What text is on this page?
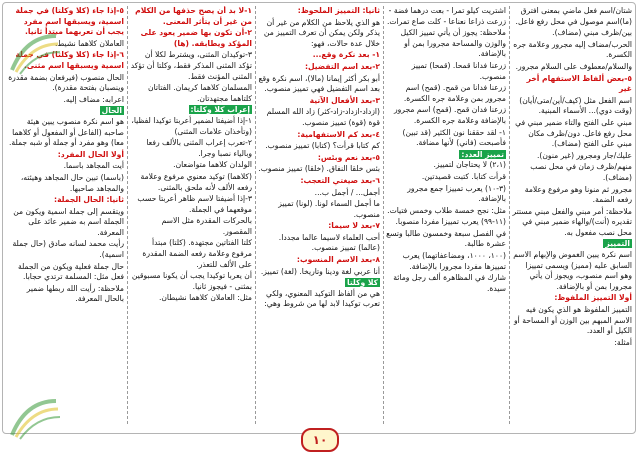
شتان/اسم فعل ماضي بمعنى افترق (ما)اسم موصول في محل رفع فاعل.

بين/ظرف مبني (مضاف).

الحرب/مضاف إليه مجرور وعلامة جره الكسرة.

والسلام/معطوف على السلام مجرور.

٥-بعض ألفاظ الاستفهام أخر غير

اسم الفعل مثل (كيف/أين/متى/أيان) (وقت دوي)... الأسماء المبنية.

مبني على الفتح والتاء ضمير مبني في محل رفع فاعل. دون/ظرف مكان مبني على الفتح (مضاف).

عليك/جار ومجرور (غير منون).

منهم/ظرف زمان في محل نصب (مضاف).

مجرور ثم منونا وهو مرفوع وعلامة رفعه الضمة.

ملاحظة: أمر مبني والفعل مبني مستتر تقديره (أنت)/والهاء ضمير مبني في محل نصب مفعول به.

التمييز

اسم نكرة يبين الغموض والإبهام الاسم السابق عليه (مميز) ويسمى تمييزا وهو اسم منصوب، ويجوز أن يأتي مجرورا بمن أو بالإضافة.

أولا التمييز الملفوظ:

التمييز الملفوظ هو الذي يكون فيه الاسم المبهم بين الوزن أو المساحة أو الكيل أو العدد.

أمثلة:

اشتريت كيلو تمرا - بعت درهما فضة - زرعت ذراعا نعناعا - كلت صاع تمرات.

ملاحظة: يجوز أن يأتي تمييز الكيل والوزن والمساحة مجرورا بمن أو بالإضافة.

زرعنا فدانا قمحا. (قمحا) تمييز منصوب.

زرعنا فدانا من قمح. (قمح) اسم مجرور بمن وعلامة جره الكسرة.

زرعنا فدان قمح. (قمح) اسم مجرور بالإضافة وعلامة جره الكسرة.

١- لقد حققنا نون الكثير (قد تبين) فأصبحت (فاني) لأنها مضافة.

تمييز العدد:

(٢،١) لا يحتاجان لتمييز.

قرأت كتابا. كتبت قصيدتين.

(٣-١٠) يعرب تمييزا جمع مجرور بالإضافة.

مثل: نجح خمسة طلاب وخمس فتيات.

(١١-٩٩) يعرب تمييزا مفردا منصوبا.

في الفصل سبعة وخمسون طالبا وتسع عشرة طالبة.

(١٠٠، ١٠٠٠، ومضاعفاتهما) يعرب تمييزها مفردا مجرورا بالإضافة.

شارك في المظاهرة ألف رجل ومائة سيدة.

ثانيا: التمييز الملحوظ:

هو الذي يلاحظ من الكلام من غير أن يذكر ولكن يمكن أن تعرف التمييز من خلال عدة حالات، فهو:

١- بعد نكرة وقع...

٢-بعد اسم التفضيل:

أبو بكر أكثر إيمانا (مالا)، اسم نكرة وقع بعد اسم التفضيل فهي تمييز منصوب.

٣-بعد الأفعال الآتية

(ازداد-ازداد-زاد-كثر) زاد الله المسلم قوة (قوة) تمييز منصوب.

٤-بعد كم الاستفهامية:

كم كتابا قرأت؟ (كتابا) تمييز منصوب.

٥-بعد نعم وبئس:

بئس خلقا النفاق. (خلقا) تمييز منصوب.

٦-بعد صيغتي التعجب:

أجمل... / أجمل ب...

ما أجمل السماء لونا. (لونا) تمييز منصوب.

٧-بعد لا سيما:

أحب العلماء لاسيما عالما مجددا. (عالما) تمييز منصوب.

٨-بعد الاسم المنسوب:

أنا عربي لغة ودينا وتاريخا. (لغة) تمييز.

كلا وكلتا

هي من ألفاظ التوكيد المعنوي، ولكي تعرب توكيدا لابد لها من شروط وهي:

١-لا بد أن يصح حذفها من الكلام من غير أن يتأثر المعنى.

٢-أن تكون بها ضمير يعود على المؤكد ويطابقه. (ها)

٣-توكيدان المثنى، ويشترط لكلا أن تؤكد المثنى المذكر فقط، وكلتا أن تؤكد المثنى المؤنث فقط.

المسلمان كلاهما كريمان. الفتاتان كلتاهما مجتهدتان.

إعراب كلا وكلتا:

١-إذا أضيفتا لضمير أعربتا توكيدا لفظيا، (وتأخذان علامات المثنى)

٢-تعرب إعراب المثنى بالألف رفعا وبالياء نصبا وجرا.

الولدان كلاهما متواضعان.

(كلاهما) توكيد معنوي مرفوع وعلامة رفعه الألف لأنه ملحق بالمثنى.

٣-إذا أضيفتا لاسم ظاهر أعربتا حسب موقعهما في الجملة.

بالحركات المقدرة مثل الاسم المقصور.

كلتا الفتاتين مجتهدة. (كلتا) مبتدأ مرفوع وعلامة رفعه الضمة المقدرة على الألف للتعذر.

أن يعربا توكيدا يجب أن يكونا مسبوقين بمثنى - فيجوز ثانيا.

مثل: العاملان كلاهما نشيطان.

٥-إذا جاء (كلا وكلتا) في جملة اسمية، ويسبقها اسم مفرد يجب أن تعربهما مبتدأ ثانيا.

العاملان كلاهما نشيط.

٦-إذا جاء (كلا وكلتا) في جملة اسمية ويسبقها اسم مثنى.

الحال منصوب (فيرفعان بضمة مقدرة وينصبان بفتحة مقدرة).

اعرابه: مضاف إليه.

الحال

هو اسم نكرة منصوب يبين هيئة صاحبه (الفاعل أو المفعول أو كلاهما معا) وهو مفرد أو جملة أو شبه جملة.

أولا الحال المفرد:

أيت المجاهد باسما.

(باسما) تبين حال المجاهد وهيئته، والمجاهد صاحبها.

ثانيا: الحال الجملة:

ويتقسم إلى جملة اسمية ويكون من الجملة اسم به ضمير عائد على المعرفة.

رأيت محمد لسانه صادق (حال جملة اسمية).

حال جملة فعلية ويكون من الجملة فعل مثل: المسلمة ترتدي حجابا.

ملاحظة: رأيت الله ربطها ضمير بالحال المعرفة.

١٠
